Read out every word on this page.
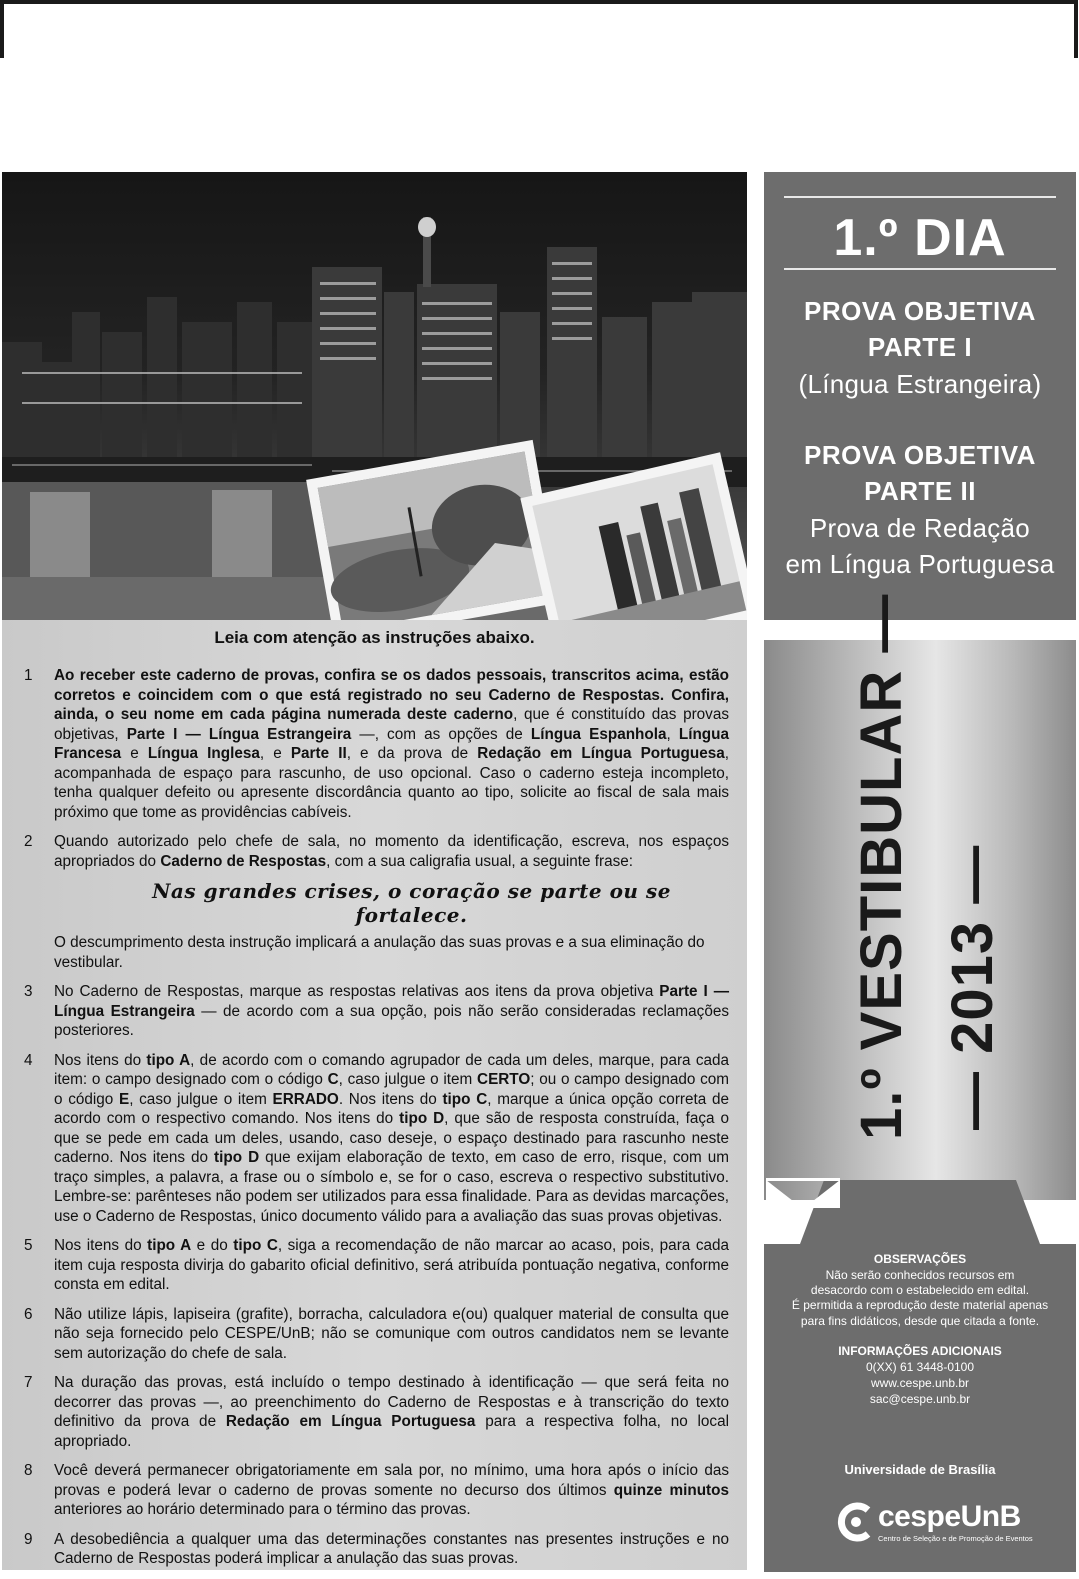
Leia com atenção as instruções abaixo.
1	Ao receber este caderno de provas, confira se os dados pessoais, transcritos acima, estão corretos e coincidem com o que está registrado no seu Caderno de Respostas. Confira, ainda, o seu nome em cada página numerada deste caderno, que é constituído das provas objetivas, Parte I — Língua Estrangeira —, com as opções de Língua Espanhola, Língua Francesa e Língua Inglesa, e Parte II, e da prova de Redação em Língua Portuguesa, acompanhada de espaço para rascunho, de uso opcional. Caso o caderno esteja incompleto, tenha qualquer defeito ou apresente discordância quanto ao tipo, solicite ao fiscal de sala mais próximo que tome as providências cabíveis.
2	Quando autorizado pelo chefe de sala, no momento da identificação, escreva, nos espaços apropriados do Caderno de Respostas, com a sua caligrafia usual, a seguinte frase:
Nas grandes crises, o coração se parte ou se fortalece.
O descumprimento desta instrução implicará a anulação das suas provas e a sua eliminação do vestibular.
3	No Caderno de Respostas, marque as respostas relativas aos itens da prova objetiva Parte I — Língua Estrangeira — de acordo com a sua opção, pois não serão consideradas reclamações posteriores.
4	Nos itens do tipo A, de acordo com o comando agrupador de cada um deles, marque, para cada item: o campo designado com o código C, caso julgue o item CERTO; ou o campo designado com o código E, caso julgue o item ERRADO. Nos itens do tipo C, marque a única opção correta de acordo com o respectivo comando. Nos itens do tipo D, que são de resposta construída, faça o que se pede em cada um deles, usando, caso deseje, o espaço destinado para rascunho neste caderno. Nos itens do tipo D que exijam elaboração de texto, em caso de erro, risque, com um traço simples, a palavra, a frase ou o símbolo e, se for o caso, escreva o respectivo substitutivo. Lembre-se: parênteses não podem ser utilizados para essa finalidade. Para as devidas marcações, use o Caderno de Respostas, único documento válido para a avaliação das suas provas objetivas.
5	Nos itens do tipo A e do tipo C, siga a recomendação de não marcar ao acaso, pois, para cada item cuja resposta divirja do gabarito oficial definitivo, será atribuída pontuação negativa, conforme consta em edital.
6	Não utilize lápis, lapiseira (grafite), borracha, calculadora e(ou) qualquer material de consulta que não seja fornecido pelo CESPE/UnB; não se comunique com outros candidatos nem se levante sem autorização do chefe de sala.
7	Na duração das provas, está incluído o tempo destinado à identificação — que será feita no decorrer das provas —, ao preenchimento do Caderno de Respostas e à transcrição do texto definitivo da prova de Redação em Língua Portuguesa para a respectiva folha, no local apropriado.
8	Você deverá permanecer obrigatoriamente em sala por, no mínimo, uma hora após o início das provas e poderá levar o caderno de provas somente no decurso dos últimos quinze minutos anteriores ao horário determinado para o término das provas.
9	A desobediência a qualquer uma das determinações constantes nas presentes instruções e no Caderno de Respostas poderá implicar a anulação das suas provas.
1.º DIA
PROVA OBJETIVA
PARTE I
(Língua Estrangeira)
PROVA OBJETIVA
PARTE II
Prova de Redação
em Língua Portuguesa
1.º VESTIBULAR — — 2013 —
OBSERVAÇÕES
Não serão conhecidos recursos em
desacordo com o estabelecido em edital.
É permitida a reprodução deste material apenas
para fins didáticos, desde que citada a fonte.
INFORMAÇÕES ADICIONAIS
0(XX) 61 3448-0100
www.cespe.unb.br
sac@cespe.unb.br
Universidade de Brasília
cespeUnB
Centro de Seleção e de Promoção de Eventos
